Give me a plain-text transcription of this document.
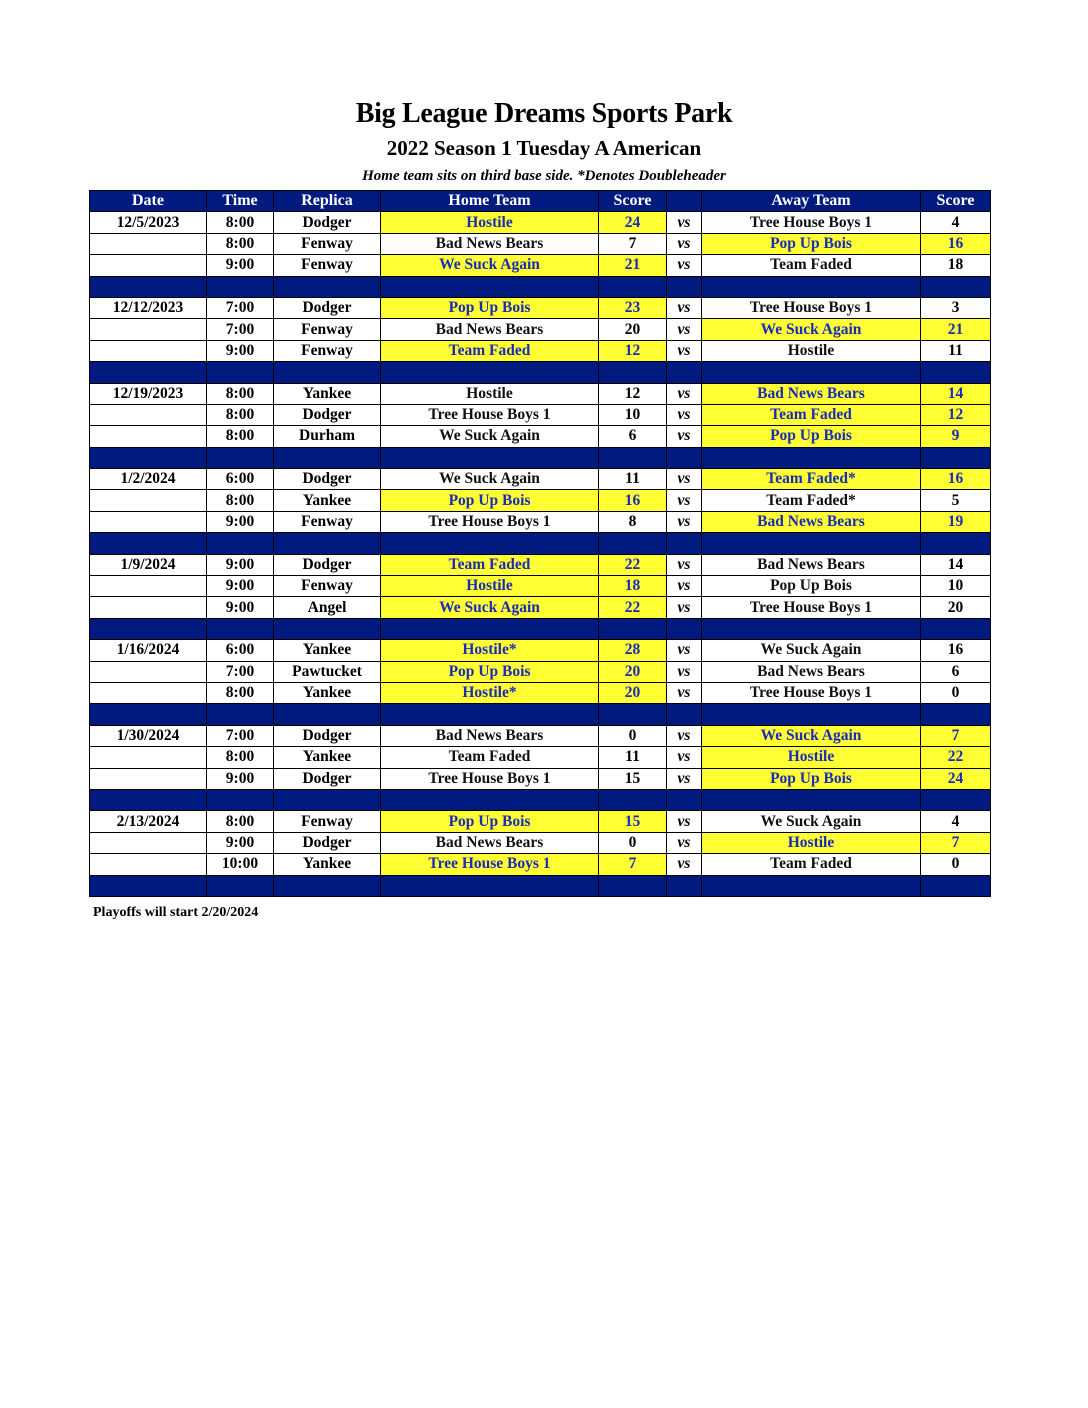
Big League Dreams Sports Park
2022 Season 1 Tuesday A American
Home team sits on third base side. *Denotes Doubleheader
Date	Time	Replica	Home Team	Score		Away Team	Score
12/5/2023	8:00	Dodger	Hostile	24	vs	Tree House Boys 1	4
	8:00	Fenway	Bad News Bears	7	vs	Pop Up Bois	16
	9:00	Fenway	We Suck Again	21	vs	Team Faded	18

12/12/2023	7:00	Dodger	Pop Up Bois	23	vs	Tree House Boys 1	3
	7:00	Fenway	Bad News Bears	20	vs	We Suck Again	21
	9:00	Fenway	Team Faded	12	vs	Hostile	11

12/19/2023	8:00	Yankee	Hostile	12	vs	Bad News Bears	14
	8:00	Dodger	Tree House Boys 1	10	vs	Team Faded	12
	8:00	Durham	We Suck Again	6	vs	Pop Up Bois	9

1/2/2024	6:00	Dodger	We Suck Again	11	vs	Team Faded*	16
	8:00	Yankee	Pop Up Bois	16	vs	Team Faded*	5
	9:00	Fenway	Tree House Boys 1	8	vs	Bad News Bears	19

1/9/2024	9:00	Dodger	Team Faded	22	vs	Bad News Bears	14
	9:00	Fenway	Hostile	18	vs	Pop Up Bois	10
	9:00	Angel	We Suck Again	22	vs	Tree House Boys 1	20

1/16/2024	6:00	Yankee	Hostile*	28	vs	We Suck Again	16
	7:00	Pawtucket	Pop Up Bois	20	vs	Bad News Bears	6
	8:00	Yankee	Hostile*	20	vs	Tree House Boys 1	0

1/30/2024	7:00	Dodger	Bad News Bears	0	vs	We Suck Again	7
	8:00	Yankee	Team Faded	11	vs	Hostile	22
	9:00	Dodger	Tree House Boys 1	15	vs	Pop Up Bois	24

2/13/2024	8:00	Fenway	Pop Up Bois	15	vs	We Suck Again	4
	9:00	Dodger	Bad News Bears	0	vs	Hostile	7
	10:00	Yankee	Tree House Boys 1	7	vs	Team Faded	0

Playoffs will start 2/20/2024
